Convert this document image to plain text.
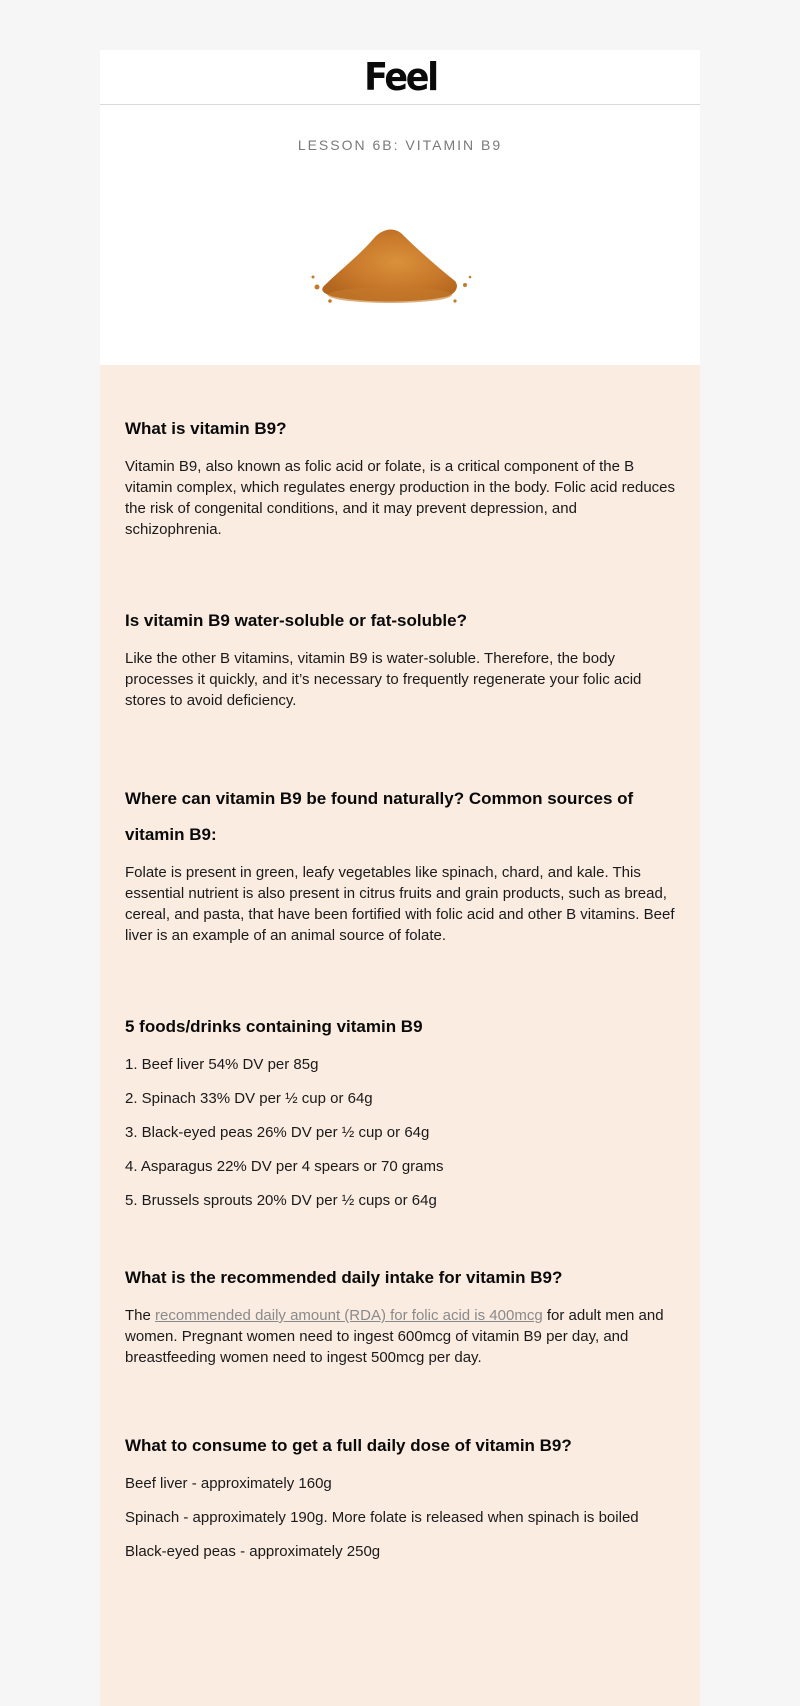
Feel
LESSON 6B: VITAMIN B9
What is vitamin B9?

Vitamin B9, also known as folic acid or folate, is a critical component of the B vitamin complex, which regulates energy production in the body. Folic acid reduces the risk of congenital conditions, and it may prevent depression, and schizophrenia.

Is vitamin B9 water-soluble or fat-soluble?

Like the other B vitamins, vitamin B9 is water-soluble. Therefore, the body processes it quickly, and it’s necessary to frequently regenerate your folic acid stores to avoid deficiency.

Where can vitamin B9 be found naturally? Common sources of vitamin B9:

Folate is present in green, leafy vegetables like spinach, chard, and kale. This essential nutrient is also present in citrus fruits and grain products, such as bread, cereal, and pasta, that have been fortified with folic acid and other B vitamins. Beef liver is an example of an animal source of folate.

5 foods/drinks containing vitamin B9
1. Beef liver 54% DV per 85g
2. Spinach 33% DV per ½ cup or 64g
3. Black-eyed peas 26% DV per ½ cup or 64g
4. Asparagus 22% DV per 4 spears or 70 grams
5. Brussels sprouts 20% DV per ½ cups or 64g
What is the recommended daily intake for vitamin B9?

The recommended daily amount (RDA) for folic acid is 400mcg for adult men and women. Pregnant women need to ingest 600mcg of vitamin B9 per day, and breastfeeding women need to ingest 500mcg per day.

What to consume to get a full daily dose of vitamin B9?
Beef liver - approximately 160g
Spinach - approximately 190g. More folate is released when spinach is boiled
Black-eyed peas - approximately 250g
